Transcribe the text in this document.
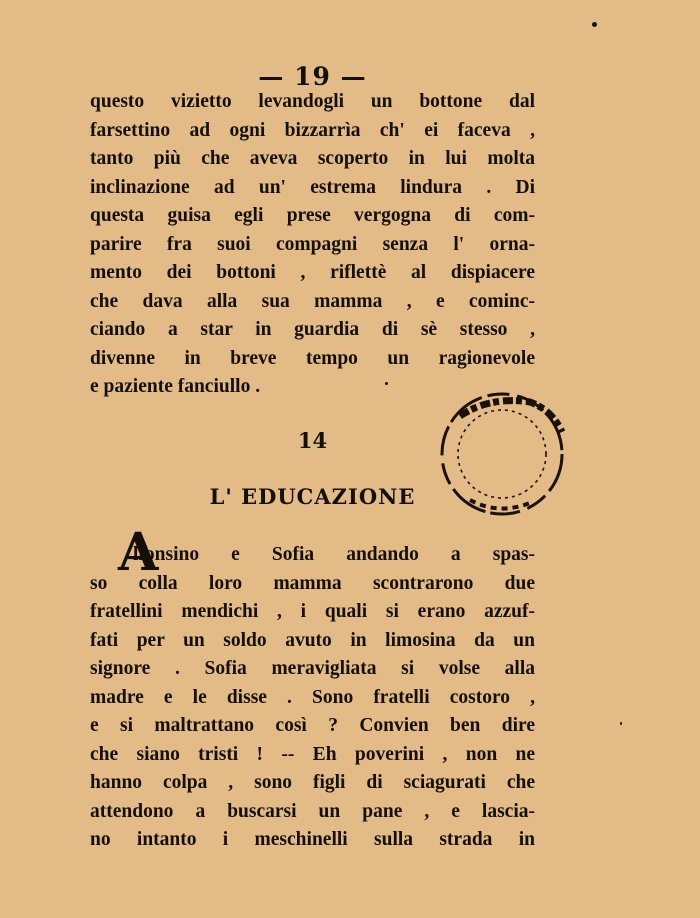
— 19 —
questo vizietto levandogli un bottone dal
farsettino ad ogni bizzarrìa ch' ei faceva ,
tanto più che aveva scoperto in lui molta
inclinazione ad un' estrema lindura . Di
questa guisa egli prese vergogna di com-
parire fra suoi compagni senza l' orna-
mento dei bottoni , riflettè al dispiacere
che dava alla sua mamma , e cominc-
ciando a star in guardia di sè stesso ,
divenne in breve tempo un ragionevole
e paziente fanciullo .
14
L' EDUCAZIONE
A
lfonsino e Sofia andando a spas-
so colla loro mamma scontrarono due
fratellini mendichi , i quali si erano azzuf-
fati per un soldo avuto in limosina da un
signore . Sofia meravigliata si volse alla
madre e le disse . Sono fratelli costoro ,
e si maltrattano così ? Convien ben dire
che siano tristi ! -- Eh poverini , non ne
hanno colpa , sono figli di sciagurati che
attendono a buscarsi un pane , e lascia-
no intanto i meschinelli sulla strada in
